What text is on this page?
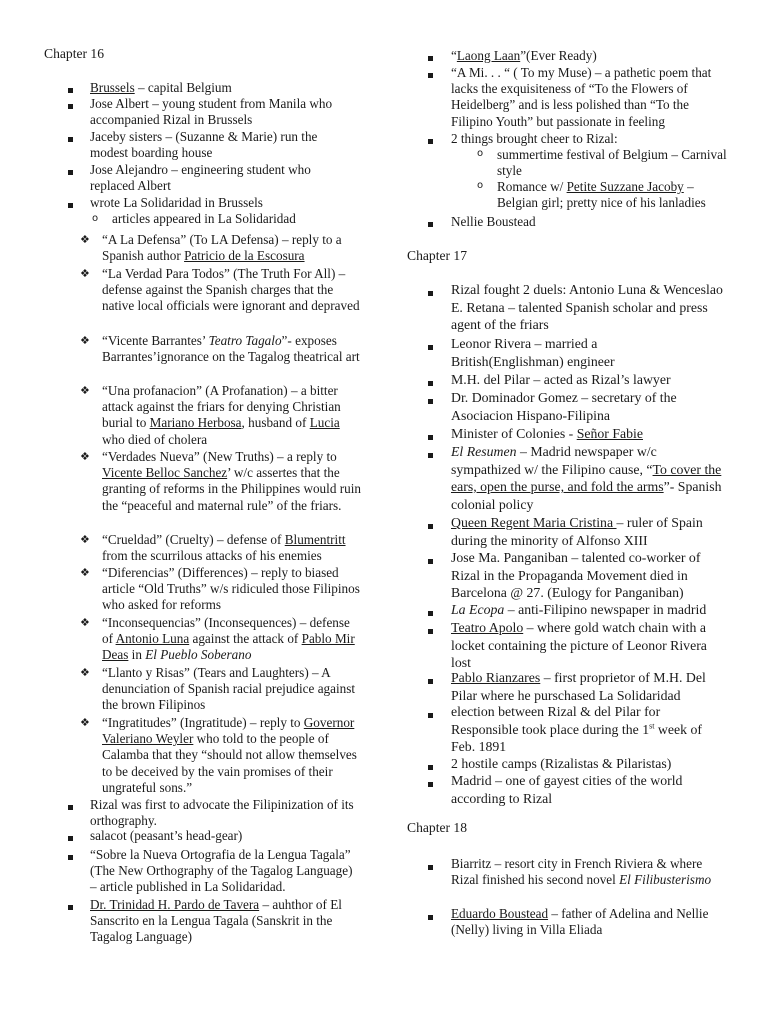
Chapter 16
Brussels – capital Belgium
Jose Albert – young student from Manila who accompanied Rizal in Brussels
Jaceby sisters – (Suzanne & Marie) run the modest boarding house
Jose Alejandro – engineering student who replaced Albert
wrote La Solidaridad in Brussels
o articles appeared in La Solidaridad
❖ “A La Defensa” (To LA Defensa) – reply to a Spanish author Patricio de la Escosura
❖ “La Verdad Para Todos” (The Truth For All) – defense against the Spanish charges that the native local officials were ignorant and depraved
❖ “Vicente Barrantes’ Teatro Tagalo”- exposes Barrantes’ignorance on the Tagalog theatrical art
❖ “Una profanacion” (A Profanation) – a bitter attack against the friars for denying Christian burial to Mariano Herbosa, husband of Lucia who died of cholera
❖ “Verdades Nueva” (New Truths) – a reply to Vicente Belloc Sanchez’ w/c assertes that the granting of reforms in the Philippines would ruin the “peaceful and maternal rule” of the friars.
❖ “Crueldad” (Cruelty) – defense of Blumentritt from the scurrilous attacks of his enemies
❖ “Diferencias” (Differences) – reply to biased article “Old Truths” w/s ridiculed those Filipinos who asked for reforms
❖ “Inconsequencias” (Inconsequences) – defense of Antonio Luna against the attack of Pablo Mir Deas in El Pueblo Soberano
❖ “Llanto y Risas” (Tears and Laughters) – A denunciation of Spanish racial prejudice against the brown Filipinos
❖ “Ingratitudes” (Ingratitude) – reply to Governor Valeriano Weyler who told to the people of Calamba that they “should not allow themselves to be deceived by the vain promises of their ungrateful sons.”
Rizal was first to advocate the Filipinization of its orthography.
salacot (peasant’s head-gear)
“Sobre la Nueva Ortografia de la Lengua Tagala” (The New Orthography of the Tagalog Language) – article published in La Solidaridad.
Dr. Trinidad H. Pardo de Tavera – auhthor of El Sanscrito en la Lengua Tagala (Sanskrit in the Tagalog Language)
“Laong Laan”(Ever Ready)
“A Mi. . . “ ( To my Muse) – a pathetic poem that lacks the exquisiteness of “To the Flowers of Heidelberg” and is less polished than “To the Filipino Youth” but passionate in feeling
2 things brought cheer to Rizal:
o summertime festival of Belgium – Carnival style
o Romance w/ Petite Suzzane Jacoby – Belgian girl; pretty nice of his lanladies
Nellie Boustead
Chapter 17
Rizal fought 2 duels: Antonio Luna & Wenceslao E. Retana – talented Spanish scholar and press agent of the friars
Leonor Rivera – married a British(Englishman) engineer
M.H. del Pilar – acted as Rizal’s lawyer
Dr. Dominador Gomez – secretary of the Asociacion Hispano-Filipina
Minister of Colonies - Señor Fabie
El Resumen – Madrid newspaper w/c sympathized w/ the Filipino cause, “To cover the ears, open the purse, and fold the arms”- Spanish colonial policy
Queen Regent Maria Cristina – ruler of Spain during the minority of Alfonso XIII
Jose Ma. Panganiban – talented co-worker of Rizal in the Propaganda Movement died in Barcelona @ 27. (Eulogy for Panganiban)
La Ecopa – anti-Filipino newspaper in madrid
Teatro Apolo – where gold watch chain with a locket containing the picture of Leonor Rivera lost
Pablo Rianzares – first proprietor of M.H. Del Pilar where he purschased La Solidaridad
election between Rizal & del Pilar for Responsible took place during the 1st week of Feb. 1891
2 hostile camps (Rizalistas & Pilaristas)
Madrid – one of gayest cities of the world according to Rizal
Chapter 18
Biarritz – resort city in French Riviera & where Rizal finished his second novel El Filibusterismo
Eduardo Boustead – father of Adelina and Nellie (Nelly) living in Villa Eliada
